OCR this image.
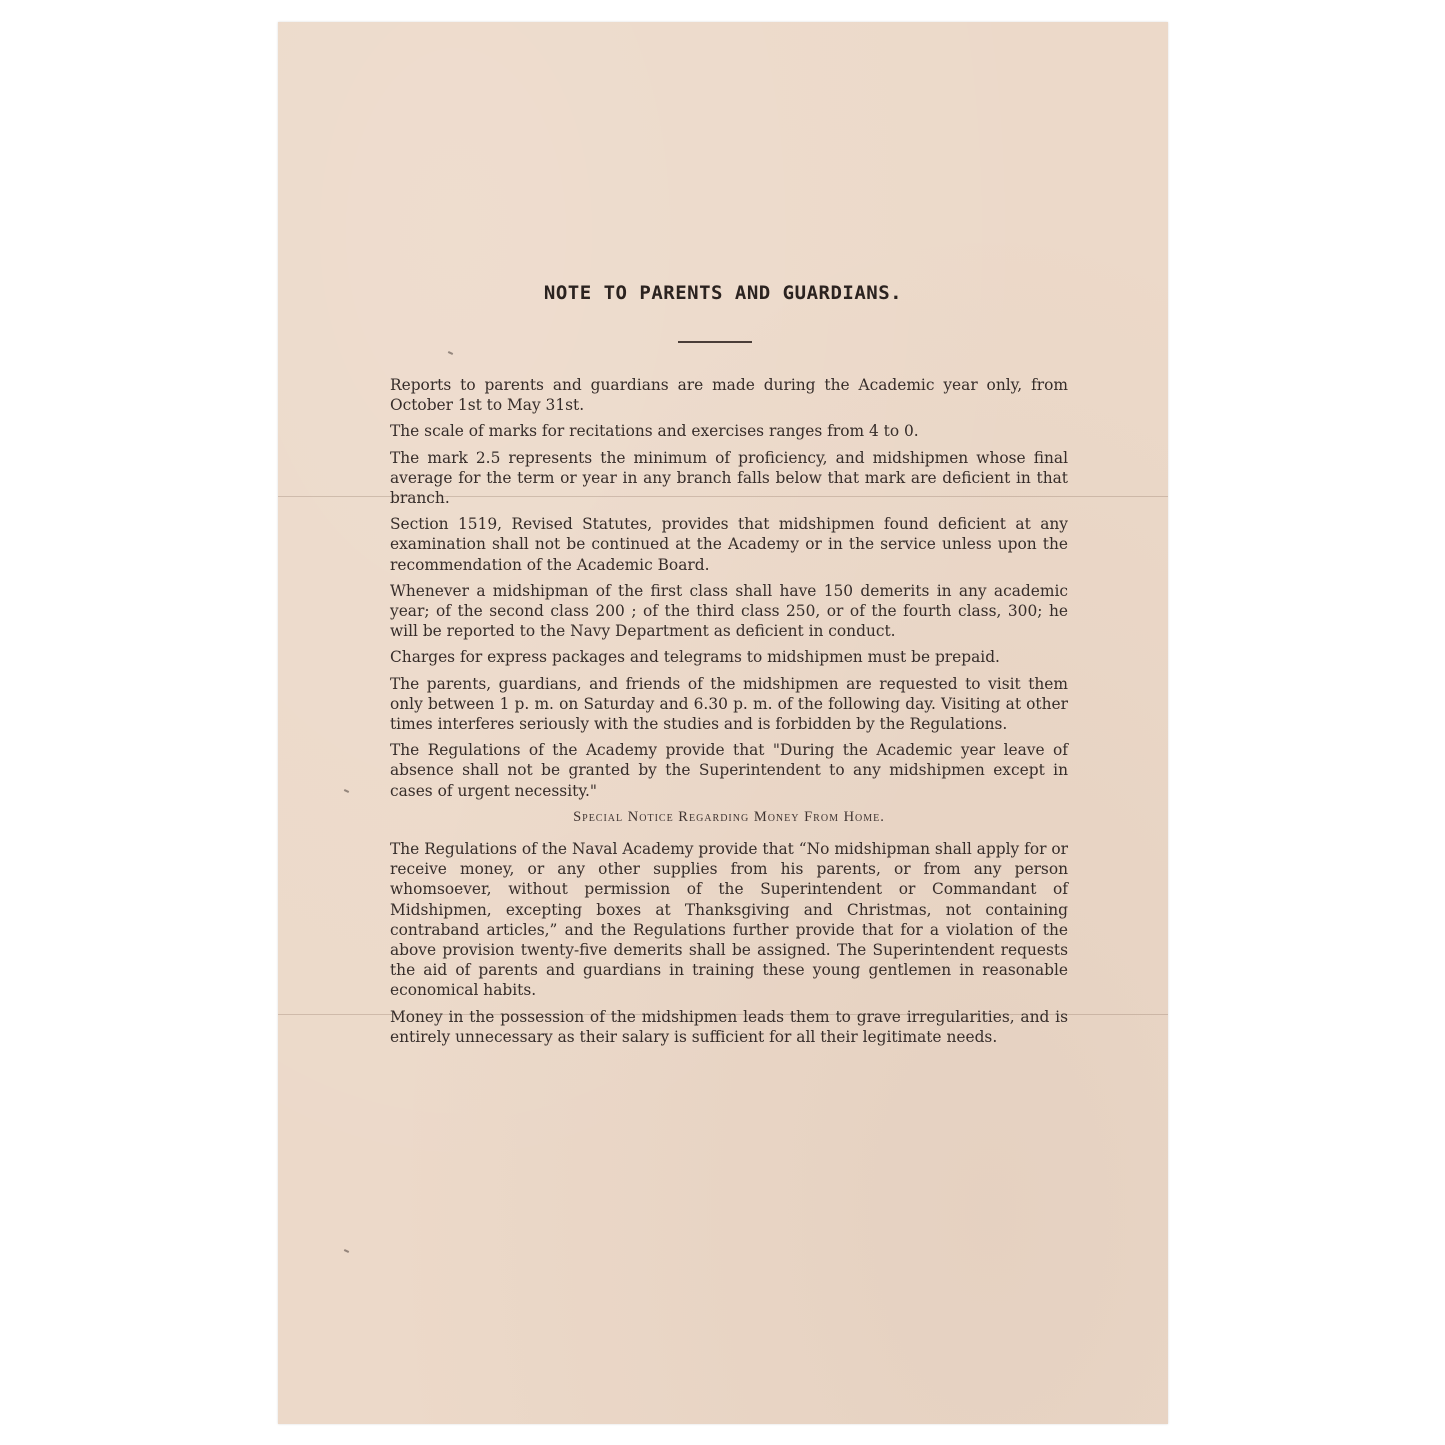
NOTE TO PARENTS AND GUARDIANS.

Reports to parents and guardians are made during the Academic year only, from October 1st to May 31st.

The scale of marks for recitations and exercises ranges from 4 to 0.

The mark 2.5 represents the minimum of proficiency, and midshipmen whose final average for the term or year in any branch falls below that mark are deficient in that branch.

Section 1519, Revised Statutes, provides that midshipmen found deficient at any examination shall not be continued at the Academy or in the service unless upon the recommendation of the Academic Board.

Whenever a midshipman of the first class shall have 150 demerits in any academic year; of the second class 200 ; of the third class 250, or of the fourth class, 300; he will be reported to the Navy Department as deficient in conduct.

Charges for express packages and telegrams to midshipmen must be prepaid.

The parents, guardians, and friends of the midshipmen are requested to visit them only between 1 p. m. on Saturday and 6.30 p. m. of the following day. Visiting at other times interferes seriously with the studies and is forbidden by the Regulations.

The Regulations of the Academy provide that "During the Academic year leave of absence shall not be granted by the Superintendent to any midshipmen except in cases of urgent necessity."

Special Notice Regarding Money From Home.

The Regulations of the Naval Academy provide that “No midshipman shall apply for or receive money, or any other supplies from his parents, or from any person whomsoever, without permission of the Superintendent or Commandant of Midshipmen, excepting boxes at Thanksgiving and Christmas, not containing contraband articles,” and the Regulations further provide that for a violation of the above provision twenty-five demerits shall be assigned. The Superintendent requests the aid of parents and guardians in training these young gentlemen in reasonable economical habits.

Money in the possession of the midshipmen leads them to grave irregularities, and is entirely unnecessary as their salary is sufficient for all their legitimate needs.
